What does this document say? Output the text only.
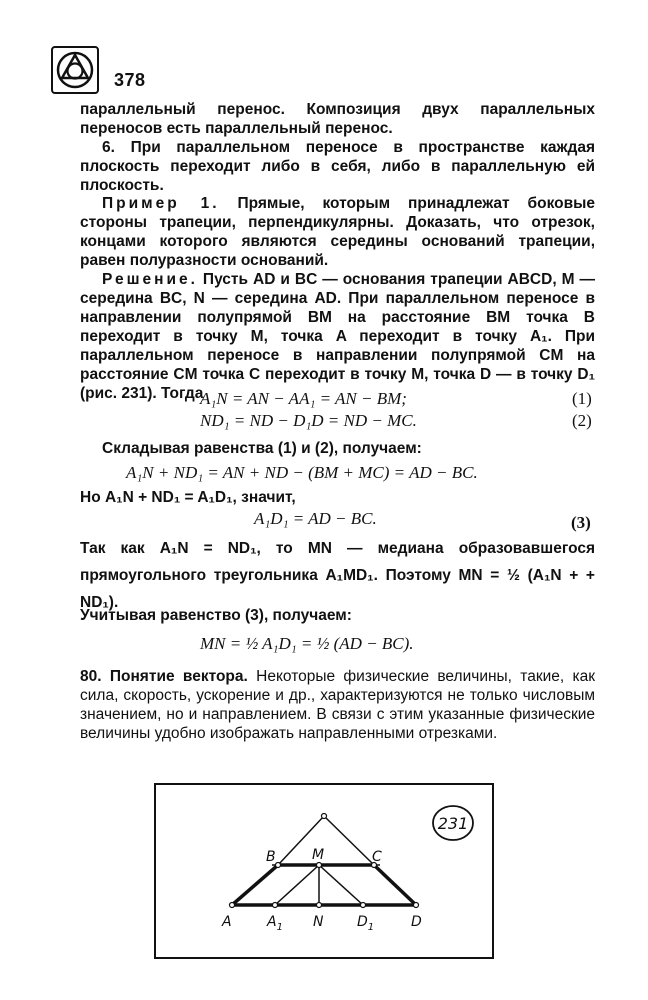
378
параллельный перенос. Композиция двух параллельных переносов есть параллельный перенос.
6. При параллельном переносе в пространстве каждая плоскость переходит либо в себя, либо в параллельную ей плоскость.
Пример 1. Прямые, которым принадлежат боковые стороны трапеции, перпендикулярны. Доказать, что отрезок, концами которого являются середины оснований трапеции, равен полуразности оснований.
Решение. Пусть AD и BC — основания трапеции ABCD, M — середина BC, N — середина AD. При параллельном переносе в направлении полупрямой BM на расстояние BM точка B переходит в точку M, точка A переходит в точку A₁. При параллельном переносе в направлении полупрямой CM на расстояние CM точка C переходит в точку M, точка D — в точку D₁ (рис. 231). Тогда
A₁N = AN − AA₁ = AN − BM;	(1)
ND₁ = ND − D₁D = ND − MC.	(2)
Складывая равенства (1) и (2), получаем:
A₁N + ND₁ = AN + ND − (BM + MC) = AD − BC.
Но A₁N + ND₁ = A₁D₁, значит,
A₁D₁ = AD − BC.	(3)
Так как A₁N = ND₁, то MN — медиана образовавшегося прямоугольного треугольника A₁MD₁. Поэтому MN = ½ (A₁N + + ND₁).
Учитывая равенство (3), получаем:
MN = ½ A₁D₁ = ½ (AD − BC).
80. Понятие вектора. Некоторые физические величины, такие, как сила, скорость, ускорение и др., характеризуются не только числовым значением, но и направлением. В связи с этим указанные физические величины удобно изображать направленными отрезками.
231
B	M	C
A	$A_1$ N $D_1$	D
